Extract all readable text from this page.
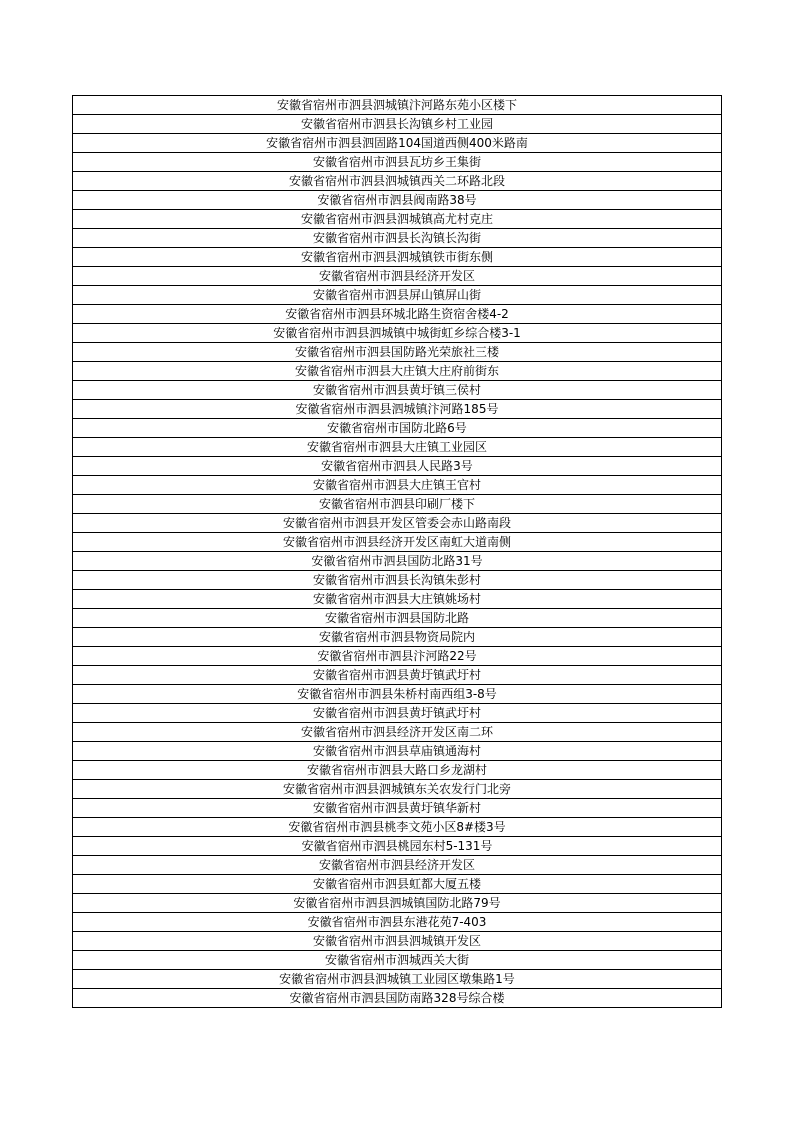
安徽省宿州市泗县泗城镇汴河路东苑小区楼下
安徽省宿州市泗县长沟镇乡村工业园
安徽省宿州市泗县泗固路104国道西侧400米路南
安徽省宿州市泗县瓦坊乡王集街
安徽省宿州市泗县泗城镇西关二环路北段
安徽省宿州市泗县阀南路38号
安徽省宿州市泗县泗城镇高尤村克庄
安徽省宿州市泗县长沟镇长沟街
安徽省宿州市泗县泗城镇铁市街东侧
安徽省宿州市泗县经济开发区
安徽省宿州市泗县屏山镇屏山街
安徽省宿州市泗县环城北路生资宿舍楼4-2
安徽省宿州市泗县泗城镇中城街虹乡综合楼3-1
安徽省宿州市泗县国防路光荣旅社三楼
安徽省宿州市泗县大庄镇大庄府前街东
安徽省宿州市泗县黄圩镇三侯村
安徽省宿州市泗县泗城镇汴河路185号
安徽省宿州市国防北路6号
安徽省宿州市泗县大庄镇工业园区
安徽省宿州市泗县人民路3号
安徽省宿州市泗县大庄镇王官村
安徽省宿州市泗县印刷厂楼下
安徽省宿州市泗县开发区管委会赤山路南段
安徽省宿州市泗县经济开发区南虹大道南侧
安徽省宿州市泗县国防北路31号
安徽省宿州市泗县长沟镇朱彭村
安徽省宿州市泗县大庄镇姚场村
安徽省宿州市泗县国防北路
安徽省宿州市泗县物资局院内
安徽省宿州市泗县汴河路22号
安徽省宿州市泗县黄圩镇武圩村
安徽省宿州市泗县朱桥村南西组3-8号
安徽省宿州市泗县黄圩镇武圩村
安徽省宿州市泗县经济开发区南二环
安徽省宿州市泗县草庙镇通海村
安徽省宿州市泗县大路口乡龙湖村
安徽省宿州市泗县泗城镇东关农发行门北旁
安徽省宿州市泗县黄圩镇华新村
安徽省宿州市泗县桃李文苑小区8#楼3号
安徽省宿州市泗县桃园东村5-131号
安徽省宿州市泗县经济开发区
安徽省宿州市泗县虹都大厦五楼
安徽省宿州市泗县泗城镇国防北路79号
安徽省宿州市泗县东港花苑7-403
安徽省宿州市泗县泗城镇开发区
安徽省宿州市泗城西关大街
安徽省宿州市泗县泗城镇工业园区墩集路1号
安徽省宿州市泗县国防南路328号综合楼
